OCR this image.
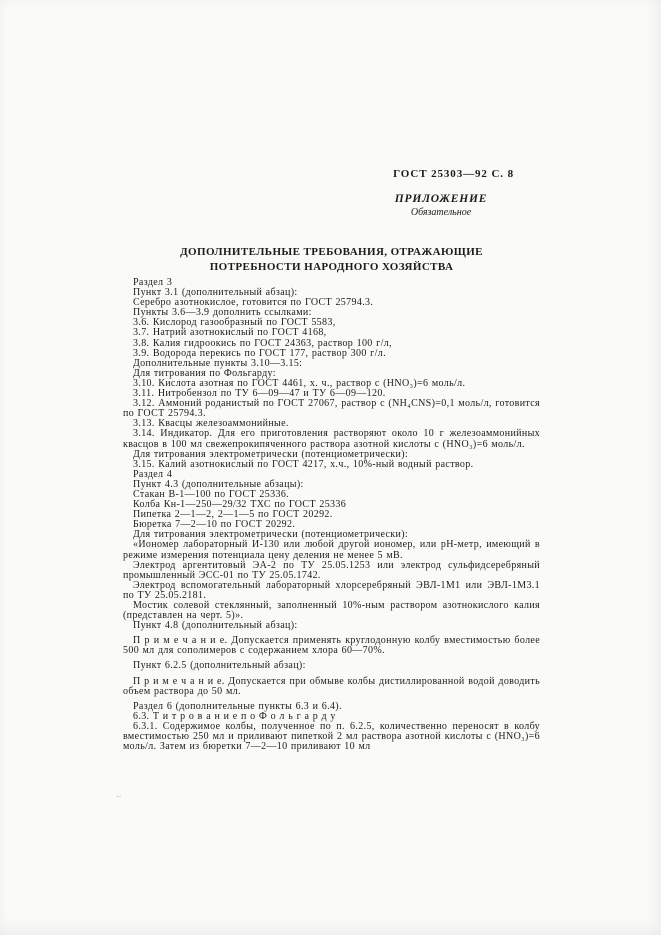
ГОСТ 25303—92 С. 8
ПРИЛОЖЕНИЕ
Обязательное
ДОПОЛНИТЕЛЬНЫЕ ТРЕБОВАНИЯ, ОТРАЖАЮЩИЕ
ПОТРЕБНОСТИ НАРОДНОГО ХОЗЯЙСТВА

Раздел 3

Пункт 3.1 (дополнительный абзац):

Серебро азотнокислое, готовится по ГОСТ 25794.3.

Пункты 3.6—3.9 дополнить ссылками:

3.6. Кислород газообразный по ГОСТ 5583,

3.7. Натрий азотнокислый по ГОСТ 4168,

3.8. Калия гидроокись по ГОСТ 24363, раствор 100 г/л,

3.9. Водорода перекись по ГОСТ 177, раствор 300 г/л.

Дополнительные пункты 3.10—3.15:

Для титрования по Фольгарду:

3.10. Кислота азотная по ГОСТ 4461, х. ч., раствор с (HNO₃)=6 моль/л.

3.11. Нитробензол по ТУ 6—09—47 и ТУ 6—09—120.

3.12. Аммоний роданистый по ГОСТ 27067, раствор с (NH₄CNS)=0,1 моль/л, готовится по ГОСТ 25794.3.

3.13. Квасцы железоаммонийные.

3.14. Индикатор. Для его приготовления растворяют около 10 г железоаммонийных квасцов в 100 мл свежепрокипяченного раствора азотной кислоты с (HNO₃)=6 моль/л.

Для титрования электрометрически (потенциометрически):

3.15. Калий азотнокислый по ГОСТ 4217, х.ч., 10%-ный водный раствор.

Раздел 4

Пункт 4.3 (дополнительные абзацы):

Стакан В-1—100 по ГОСТ 25336.

Колба Кн-1—250—29/32 ТХС по ГОСТ 25336

Пипетка 2—1—2, 2—1—5 по ГОСТ 20292.

Бюретка 7—2—10 по ГОСТ 20292.

Для титрования электрометрически (потенциометрически):

«Иономер лабораторный И-130 или любой другой иономер, или pH-метр, имеющий в режиме измерения потенциала цену деления не менее 5 мВ.

Электрод аргентитовый ЭА-2 по ТУ 25.05.1253 или электрод сульфидсеребряный промышленный ЭСС-01 по ТУ 25.05.1742.

Электрод вспомогательный лабораторный хлорсеребряный ЭВЛ-1М1 или ЭВЛ-1М3.1 по ТУ 25.05.2181.

Мостик солевой стеклянный, заполненный 10%-ным раствором азотнокислого калия (представлен на черт. 5)».

Пункт 4.8 (дополнительный абзац):

П р и м е ч а н и е. Допускается применять круглодонную колбу вместимостью более 500 мл для сополимеров с содержанием хлора 60—70%.

Пункт 6.2.5 (дополнительный абзац):

П р и м е ч а н и е. Допускается при обмыве колбы дистиллированной водой доводить объем раствора до 50 мл.

Раздел 6 (дополнительные пункты 6.3 и 6.4).

6.3. Т и т р о в а н и е п о Ф о л ь г а р д у

6.3.1. Содержимое колбы, полученное по п. 6.2.5, количественно переносят в колбу вместимостью 250 мл и приливают пипеткой 2 мл раствора азотной кислоты с (HNO₃)=6 моль/л. Затем из бюретки 7—2—10 приливают 10 мл

‥
